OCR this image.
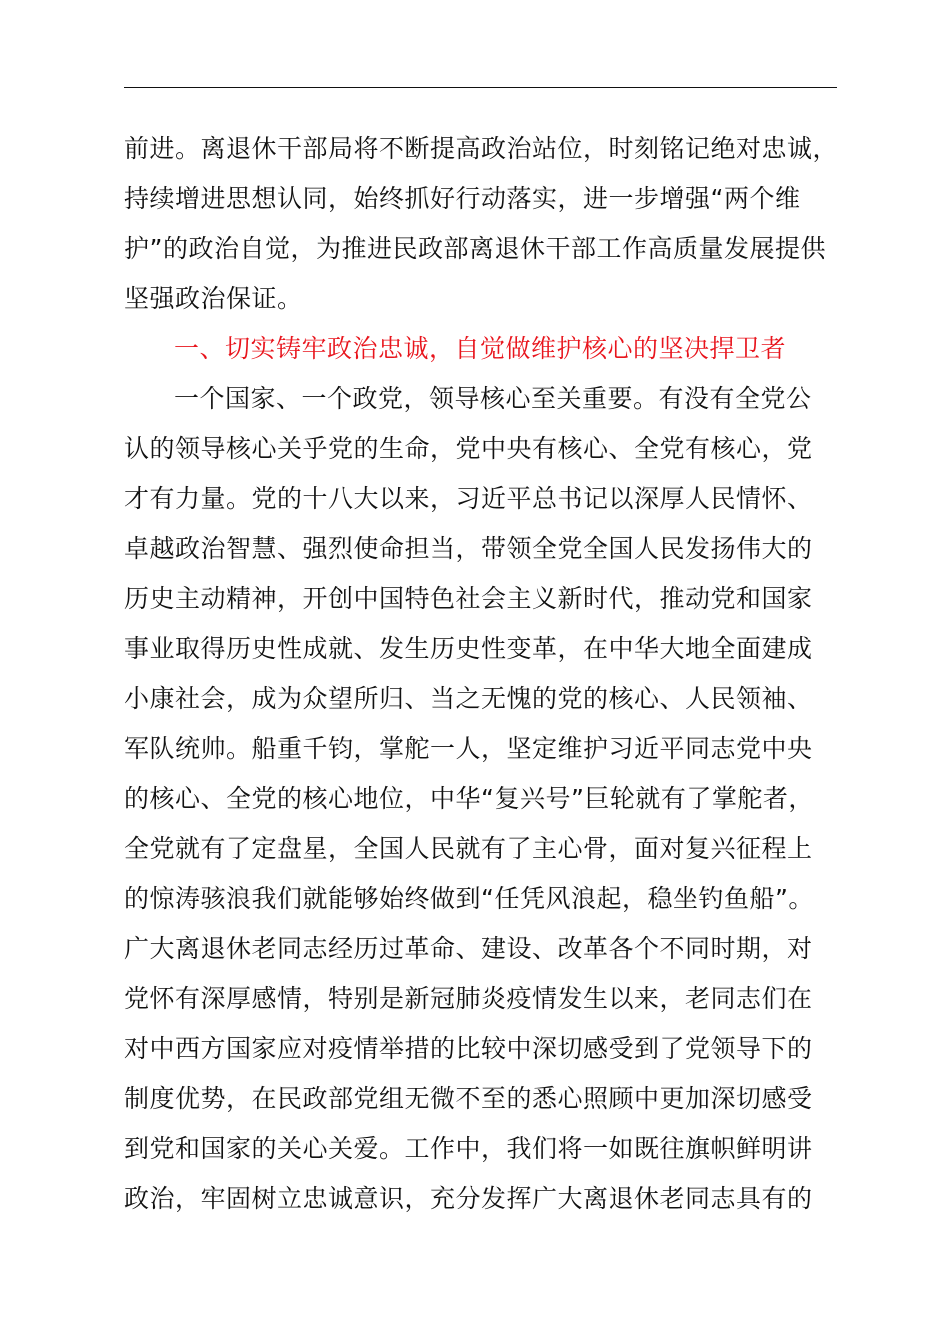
前进。离退休干部局将不断提高政治站位，时刻铭记绝对忠诚，
持续增进思想认同，始终抓好行动落实，进一步增强“两个维
护”的政治自觉，为推进民政部离退休干部工作高质量发展提供
坚强政治保证。
一、切实铸牢政治忠诚，自觉做维护核心的坚决捍卫者
一个国家、一个政党，领导核心至关重要。有没有全党公
认的领导核心关乎党的生命，党中央有核心、全党有核心，党
才有力量。党的十八大以来，习近平总书记以深厚人民情怀、
卓越政治智慧、强烈使命担当，带领全党全国人民发扬伟大的
历史主动精神，开创中国特色社会主义新时代，推动党和国家
事业取得历史性成就、发生历史性变革，在中华大地全面建成
小康社会，成为众望所归、当之无愧的党的核心、人民领袖、
军队统帅。船重千钧，掌舵一人，坚定维护习近平同志党中央
的核心、全党的核心地位，中华“复兴号”巨轮就有了掌舵者，
全党就有了定盘星，全国人民就有了主心骨，面对复兴征程上
的惊涛骇浪我们就能够始终做到“任凭风浪起，稳坐钓鱼船”。
广大离退休老同志经历过革命、建设、改革各个不同时期，对
党怀有深厚感情，特别是新冠肺炎疫情发生以来，老同志们在
对中西方国家应对疫情举措的比较中深切感受到了党领导下的
制度优势，在民政部党组无微不至的悉心照顾中更加深切感受
到党和国家的关心关爱。工作中，我们将一如既往旗帜鲜明讲
政治，牢固树立忠诚意识，充分发挥广大离退休老同志具有的
